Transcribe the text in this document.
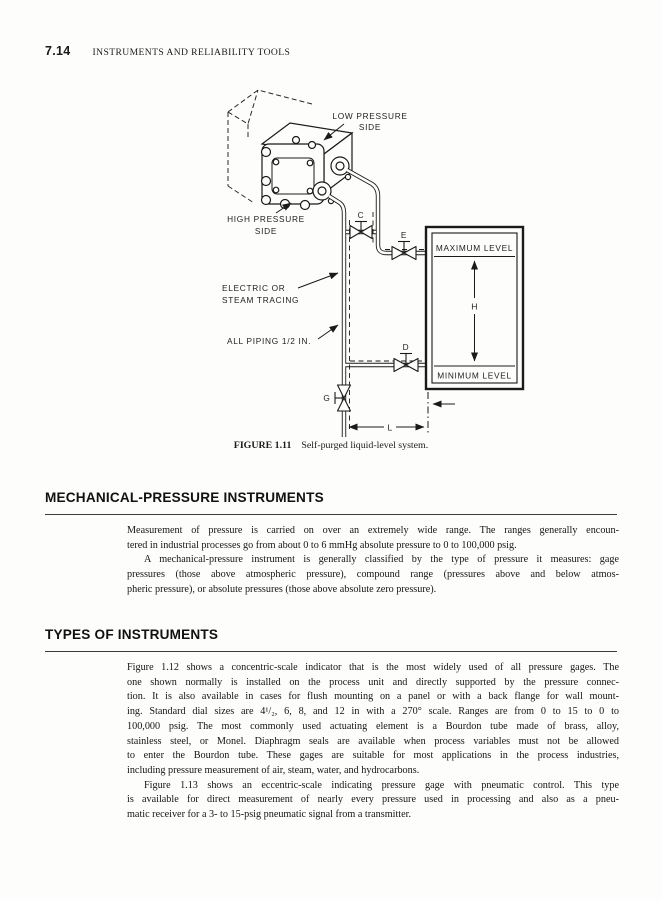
7.14 INSTRUMENTS AND RELIABILITY TOOLS
C
E
D
G
MAXIMUM LEVEL
MINIMUM LEVEL
H
L
LOW PRESSURE
SIDE
HIGH PRESSURE
SIDE
ELECTRIC OR
STEAM TRACING
ALL PIPING 1/2 IN.
FIGURE 1.11 Self-purged liquid-level system.
MECHANICAL-PRESSURE INSTRUMENTS
Measurement of pressure is carried on over an extremely wide range. The ranges generally encoun-
tered in industrial processes go from about 0 to 6 mmHg absolute pressure to 0 to 100,000 psig.
A mechanical-pressure instrument is generally classified by the type of pressure it measures: gage
pressures (those above atmospheric pressure), compound range (pressures above and below atmos-
pheric pressure), or absolute pressures (those above absolute zero pressure).
TYPES OF INSTRUMENTS
Figure 1.12 shows a concentric-scale indicator that is the most widely used of all pressure gages. The
one shown normally is installed on the process unit and directly supported by the pressure connec-
tion. It is also available in cases for flush mounting on a panel or with a back flange for wall mount-
ing. Standard dial sizes are 4¹/₂, 6, 8, and 12 in with a 270° scale. Ranges are from 0 to 15 to 0 to
100,000 psig. The most commonly used actuating element is a Bourdon tube made of brass, alloy,
stainless steel, or Monel. Diaphragm seals are available when process variables must not be allowed
to enter the Bourdon tube. These gages are suitable for most applications in the process industries,
including pressure measurement of air, steam, water, and hydrocarbons.
Figure 1.13 shows an eccentric-scale indicating pressure gage with pneumatic control. This type
is available for direct measurement of nearly every pressure used in processing and also as a pneu-
matic receiver for a 3- to 15-psig pneumatic signal from a transmitter.
